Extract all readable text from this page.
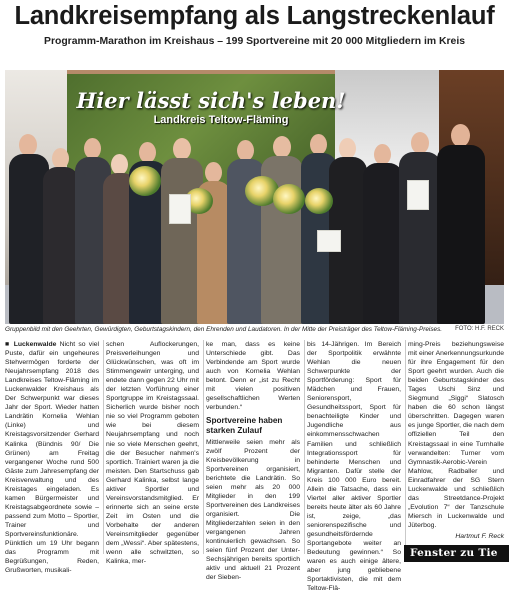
Landkreisempfang als Langstreckenlauf
Programm-Marathon im Kreishaus – 199 Sportvereine mit 20 000 Mitgliedern im Kreis
Hier lässt sich's leben!
Landkreis Teltow-Fläming
Gruppenbild mit den Geehrten, Gewürdigten, Geburtstagskindern, den Ehrenden und Laudatoren. In der Mitte der Preisträger des Teltow-Fläming-Preises. FOTO: H.F. RECK
■ Luckenwalde Nicht so viel Puste, dafür ein ungeheures Stehvermögen forderte der Neujahrsempfang 2018 des Landkreises Teltow-Fläming im Luckenwalder Kreishaus als Der Schwerpunkt war dieses Jahr der Sport. Wieder hatten Landrätin Kornelia Wehlan (Linke) und Kreistagsvorsitzender Gerhard Kalinka (Bündnis 90/ Die Grünen) am Freitag vergangener Woche rund 500 Gäste zum Jahresempfang der Kreisverwaltung und des Kreistages eingeladen. Es kamen Bürgermeister und Kreistagsabgeordnete sowie – passend zum Motto – Sportler, Trainer und Sportvereinsfunktionäre. Pünktlich um 19 Uhr begann das Programm mit Begrüßungen, Reden, Grußworten, musikali-
schen Auflockerungen, Preisverleihungen und Glückwünschen, was oft im Stimmengewirr unterging, und endete dann gegen 22 Uhr mit der letzten Vorführung einer Sportgruppe im Kreistagssaal. Sicherlich wurde bisher noch nie so viel Programm geboten wie bei diesem Neujahrsempfang und noch nie so viele Menschen geehrt, die der Besucher nahmen's sportlich. Trainiert waren ja die meisten. Den Startschuss gab Gerhard Kalinka, selbst lange aktiver Sportler und Vereinsvorstandsmitglied. Er erinnerte sich an seine erste Zeit im Osten und die Vorbehalte der anderen Vereinsmitglieder gegenüber dem „Wessi“. Aber spätestens, wenn alle schwitzten, so Kalinka, mer-

ke man, dass es keine Unterschiede gibt. Das Verbindende am Sport wurde auch von Kornelia Wehlan betont. Denn er „ist zu Recht mit vielen positiven gesellschaftlichen Werten verbunden.“

Sportvereine haben starken Zulauf

Mittlerweile seien mehr als zwölf Prozent der Kreisbevölkerung in Sportvereinen organisiert, berichtete die Landrätin. So seien mehr als 20 000 Mitglieder in den 199 Sportvereinen des Landkreises organisiert. Die Mitgliederzahlen seien in den vergangenen Jahren kontinuierlich gewachsen. So seien fünf Prozent der Unter-Sechsjährigen bereits sportlich aktiv und aktuell 21 Prozent der Sieben-

bis 14-Jährigen. Im Bereich der Sportpolitik erwähnte Wehlan die neuen Schwerpunkte der Sportförderung: Sport für Mädchen und Frauen, Seniorensport, Gesundheitssport, Sport für benachteiligte Kinder und Jugendliche aus einkommensschwachen Familien und schließlich Integrationssport für behinderte Menschen und Migranten. Dafür stelle der Kreis 100 000 Euro bereit. Allein die Tatsache, dass ein Viertel aller aktiver Sportler bereits heute älter als 60 Jahre ist, zeige, „das seniorenspezifische und gesundheitsfördernde Sportangebote weiter an Bedeutung gewinnen.“ So waren es auch einige ältere, aber jung gebliebene Sportaktivisten, die mit dem Teltow-Flä-

ming-Preis beziehungsweise mit einer Anerkennungsurkunde für ihre Engagement für den Sport geehrt wurden. Auch die beiden Geburtstagskinder des Tages Uschi Sinz und Siegmund „Siggi“ Slatosch haben die 60 schon längst überschritten. Dagegen waren es junge Sportler, die nach dem offiziellen Teil den Kreistagssaal in eine Turnhalle verwandelten: Turner vom Gymnastik-Aerobic-Verein Mahlow, Radballer und Einradfahrer der SG Stern Luckenwalde und schließlich das Streetdance-Projekt „Evolution 7“ der Tanzschule Miersch in Luckenwalde und Jüterbog.

Hartmut F. Reck

Fenster zu Tie
